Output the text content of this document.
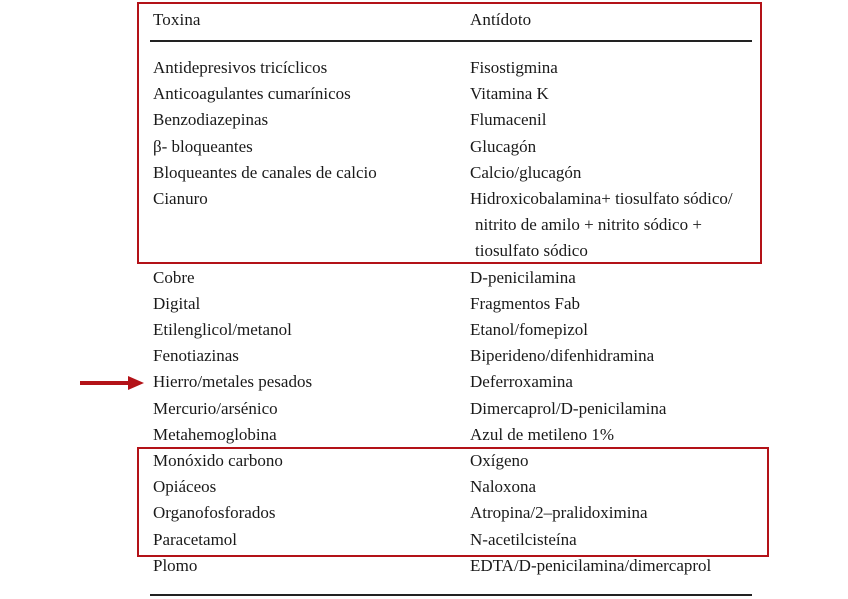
Toxina	Antídoto
Antidepresivos tricíclicos	Fisostigmina
Anticoagulantes cumarínicos	Vitamina K
Benzodiazepinas	Flumacenil
β- bloqueantes	Glucagón
Bloqueantes de canales de calcio	Calcio/glucagón
Cianuro	Hidroxicobalamina+ tiosulfato sódico/
nitrito de amilo + nitrito sódico +
tiosulfato sódico
Cobre	D-penicilamina
Digital	Fragmentos Fab
Etilenglicol/metanol	Etanol/fomepizol
Fenotiazinas	Biperideno/difenhidramina
Hierro/metales pesados	Deferroxamina
Mercurio/arsénico	Dimercaprol/D-penicilamina
Metahemoglobina	Azul de metileno 1%
Monóxido carbono	Oxígeno
Opiáceos	Naloxona
Organofosforados	Atropina/2–pralidoximina
Paracetamol	N-acetilcisteína
Plomo	EDTA/D-penicilamina/dimercaprol
